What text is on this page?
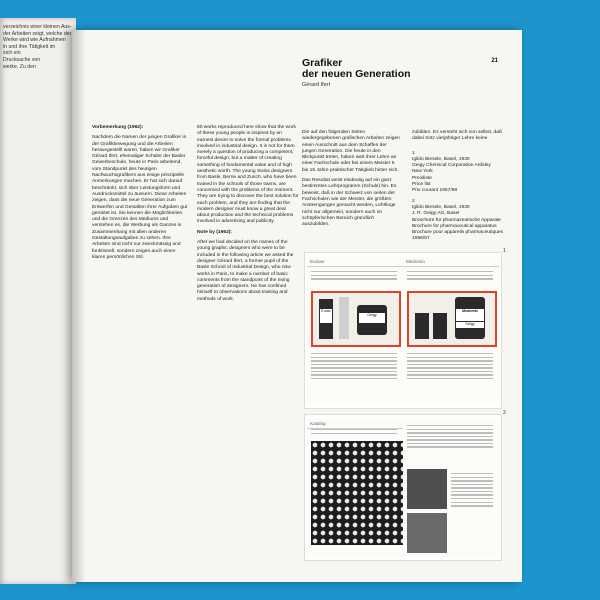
verzeichnis einer kleinen Aus-
der Arbeiten zeigt, welche der
Werke wird wie Aufnahmen
in und ihre Tätigkeit im
sich ein
Drucksache von
werke. Zu den
21
Grafiker
der neuen Generation
Gérard Ifert

Vorbemerkung (1962):

Nachdem die Namen der jungen Grafiker in der Grafikbewegung und die Arbeiten herausgestellt waren, haben wir Grafiker Gérard Ifert, ehemaliger Schüler der Basler Gewerbeschule, heute in Paris arbeitend, vom Standpunkt des heutigen Nachwuchsgrafikers aus einige prinzipielle Anmerkungen machen. Er hat sich darauf beschränkt, sich über Leistungsform und Ausdrucksmittel zu äussern. Diese Arbeiten zeigen, dass die neue Generation zum Entwerfen und Gestalten ihrer Aufgaben gut gerüstet ist. Sie kennen die Möglichkeiten und die Grenzen des Mediums und verstehen es, die Werbung als Ganzes in Zusammenhang mit allen anderen Gestaltungsaufgaben zu sehen. Ihre Arbeiten sind nicht nur zweckmässig und funktionell, sondern zeigen auch einen klaren persönlichen Stil.

80 works reproduced here show that the work of these young people is inspired by an earnest desire to solve the formal problems involved in industrial design. It is not for them merely a question of producing a competent, forceful design, but a matter of creating something of fundamental value and of high aesthetic worth. The young Swiss designers from Basle, Berne and Zurich, who have been trained in the schools of those towns, are concerned with the problems of the moment. They are trying to discover the best solution for each problem, and they are finding that the modern designer must know a great deal about production and the technical problems involved in advertising and publicity.

Note by (1962):

After we had decided on the names of the young graphic designers who were to be included in the following article we asked the designer Gérard Ifert, a former pupil of the Basle School of Industrial Design, who now works in Paris, to make a number of basic comments from the standpoint of the rising generation of designers. He has confined himself to observations about training and methods of work.

Die auf den folgenden Seiten wiedergegebenen grafischen Arbeiten zeigen einen Ausschnitt aus dem Schaffen der jungen Generation. Die heute in den Blickpunkt treten, haben weit ihrer Lehre an einer Fachschule oder bei einem Meister 5 bis 15 Jahre praktischer Tätigkeit hinter sich.

Das Resultat weist eindeutig auf ein ganz bestimmtes Lehrprogramm (Schule) hin. Es beweist, daß in der Schweiz von seiten der Fachschulen wie der Meister, die größten Anstrengungen gemacht werden, Lehrlinge nicht nur allgemein, sondern auch im schöpferischen Bereich gründlich auszubilden.

zubilden. Es versteht sich von selbst, daß dabei trotz vierjähriger Lehre keine

1
Igildo Biesele, Basel, 1930
Geigy Chemical Corporation Ardsley
New York
Preisliste
Price list
Prix courant 1957/58

2
Igildo Biesele, Basel, 1930
J. R. Geigy AG, Basel
Broschüre für pharmazeutische Apparate
Brochure for pharmaceutical apparatus
Brochure pour appareils pharmaceutiques
1956/57

1
2
Euraxe
Eurax
Geigy
Medomin
Medomin
Geigy
Katalog
